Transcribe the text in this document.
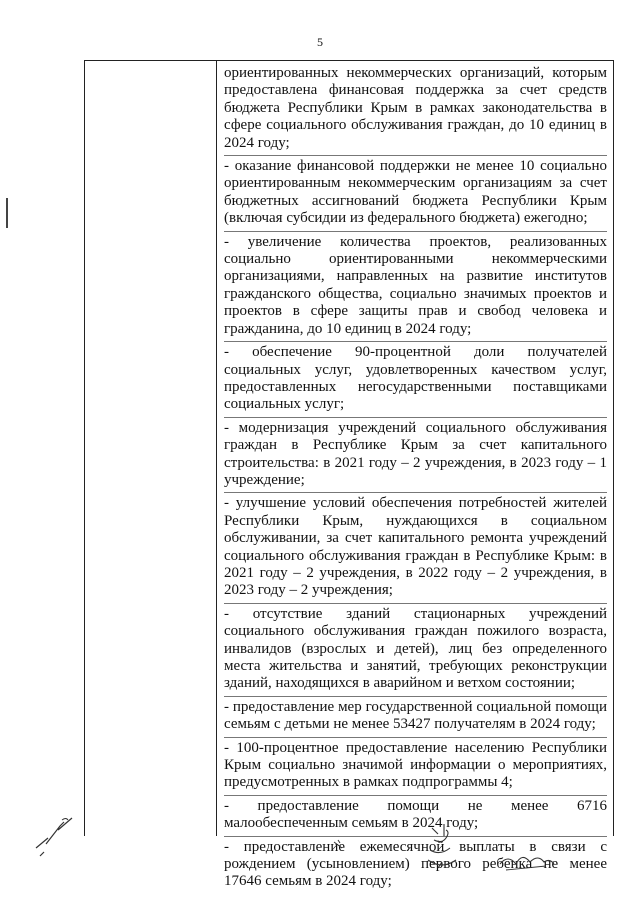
5
ориентированных некоммерческих организаций, которым предоставлена финансовая поддержка за счет средств бюджета Республики Крым в рамках законодательства в сфере социального обслуживания граждан, до 10 единиц в 2024 году;
- оказание финансовой поддержки не менее 10 социально ориентированным некоммерческим организациям за счет бюджетных ассигнований бюджета Республики Крым (включая субсидии из федерального бюджета) ежегодно;
- увеличение количества проектов, реализованных социально ориентированными некоммерческими организациями, направленных на развитие институтов гражданского общества, социально значимых проектов и проектов в сфере защиты прав и свобод человека и гражданина, до 10 единиц в 2024 году;
- обеспечение 90-процентной доли получателей социальных услуг, удовлетворенных качеством услуг, предоставленных негосударственными поставщиками социальных услуг;
- модернизация учреждений социального обслуживания граждан в Республике Крым за счет капитального строительства: в 2021 году – 2 учреждения, в 2023 году – 1 учреждение;
- улучшение условий обеспечения потребностей жителей Республики Крым, нуждающихся в социальном обслуживании, за счет капитального ремонта учреждений социального обслуживания граждан в Республике Крым: в 2021 году – 2 учреждения, в 2022 году – 2 учреждения, в 2023 году – 2 учреждения;
- отсутствие зданий стационарных учреждений социального обслуживания граждан пожилого возраста, инвалидов (взрослых и детей), лиц без определенного места жительства и занятий, требующих реконструкции зданий, находящихся в аварийном и ветхом состоянии;
- предоставление мер государственной социальной помощи семьям с детьми не менее 53427 получателям в 2024 году;
- 100-процентное предоставление населению Республики Крым социально значимой информации о мероприятиях, предусмотренных в рамках подпрограммы 4;
- предоставление помощи не менее 6716 малообеспеченным семьям в 2024 году;
- предоставление ежемесячной выплаты в связи с рождением (усыновлением) первого ребенка не менее 17646 семьям в 2024 году;
